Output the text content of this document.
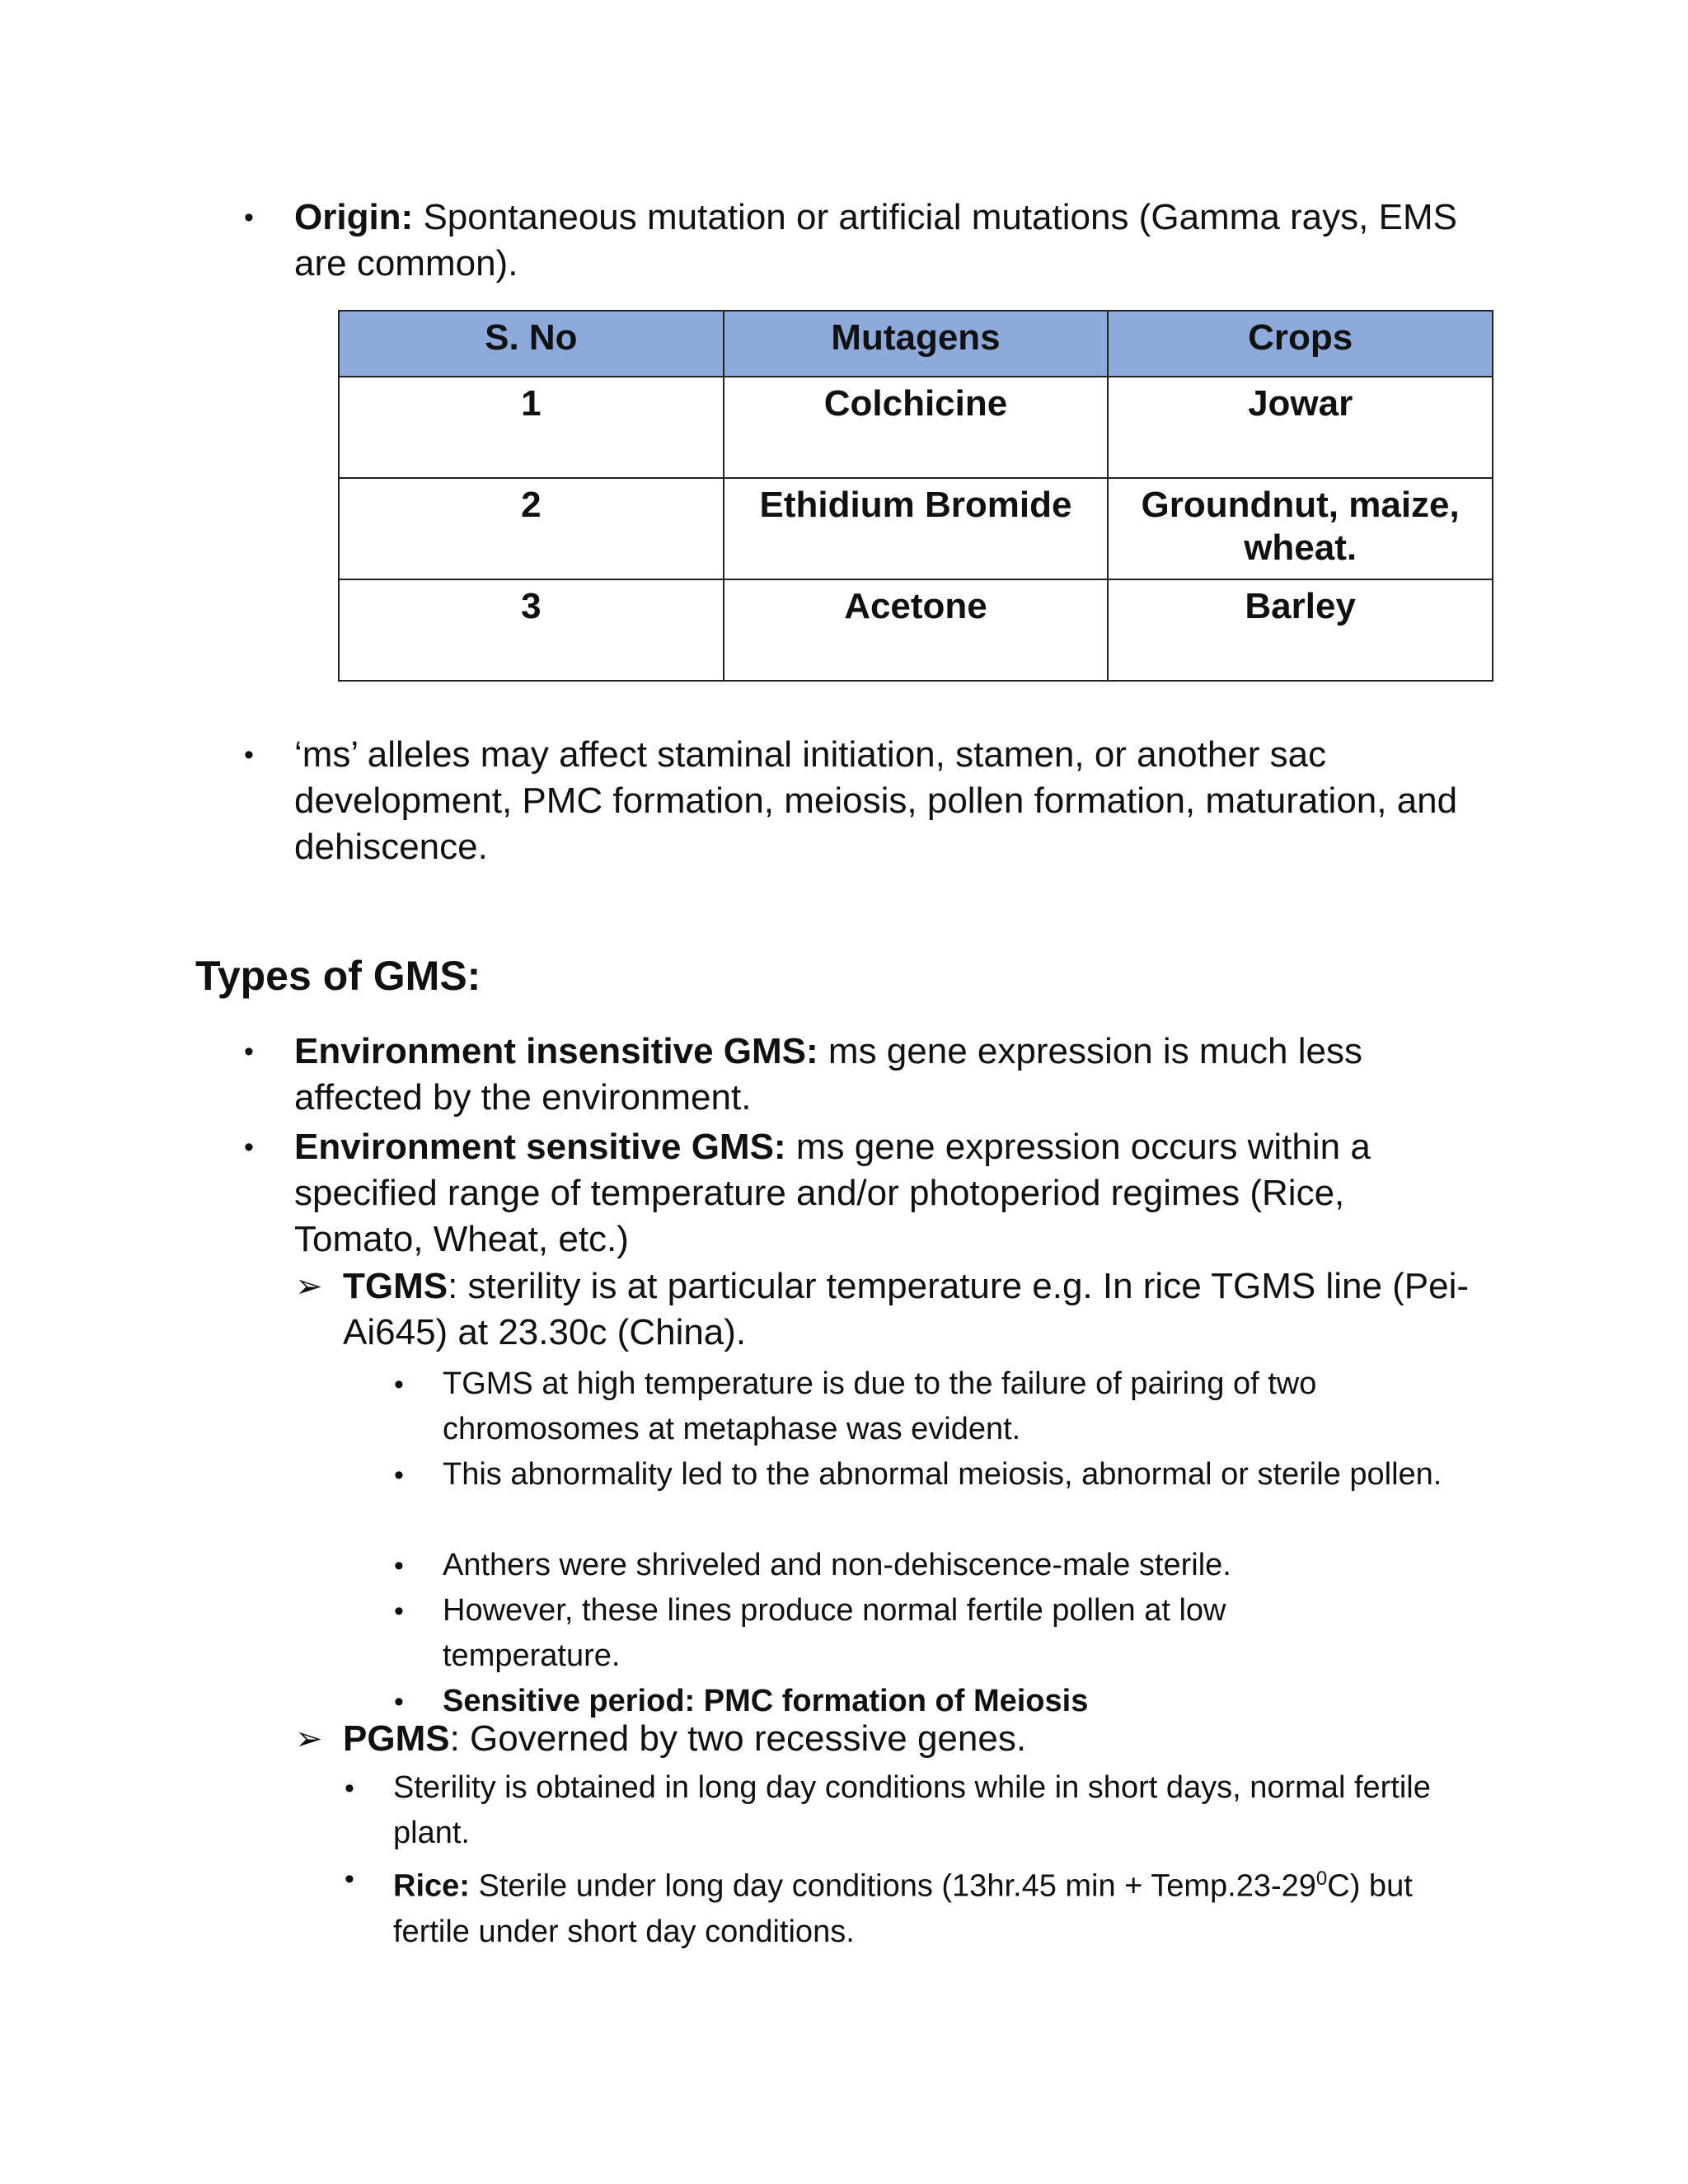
• Origin: Spontaneous mutation or artificial mutations (Gamma rays, EMS are common).
S. No	Mutagens	Crops
1	Colchicine	Jowar
2	Ethidium Bromide	Groundnut, maize, wheat.
3	Acetone	Barley
• ‘ms’ alleles may affect staminal initiation, stamen, or another sac development, PMC formation, meiosis, pollen formation, maturation, and dehiscence.
Types of GMS:
• Environment insensitive GMS: ms gene expression is much less affected by the environment.
• Environment sensitive GMS: ms gene expression occurs within a specified range of temperature and/or photoperiod regimes (Rice, Tomato, Wheat, etc.)
➢ TGMS: sterility is at particular temperature e.g. In rice TGMS line (Pei-Ai645) at 23.30c (China).
• TGMS at high temperature is due to the failure of pairing of two chromosomes at metaphase was evident.
• This abnormality led to the abnormal meiosis, abnormal or sterile pollen.
• Anthers were shriveled and non-dehiscence-male sterile.
• However, these lines produce normal fertile pollen at low temperature.
• Sensitive period: PMC formation of Meiosis
➢ PGMS: Governed by two recessive genes.
• Sterility is obtained in long day conditions while in short days, normal fertile plant.
• Rice: Sterile under long day conditions (13hr.45 $\min + Temp.23-29^0C$) but fertile under short day conditions.
